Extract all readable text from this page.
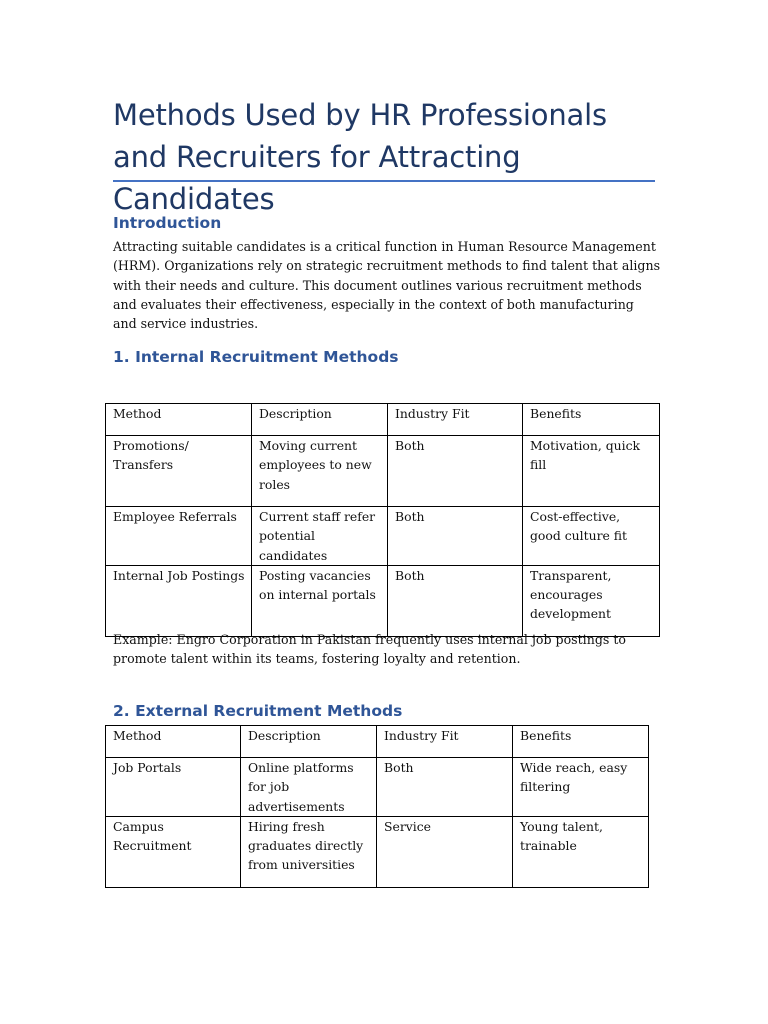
Methods Used by HR Professionals and Recruiters for Attracting Candidates
Introduction

Attracting suitable candidates is a critical function in Human Resource Management (HRM). Organizations rely on strategic recruitment methods to find talent that aligns with their needs and culture. This document outlines various recruitment methods and evaluates their effectiveness, especially in the context of both manufacturing and service industries.

1. Internal Recruitment Methods
Method	Description	Industry Fit	Benefits
Promotions/ Transfers	Moving current employees to new roles	Both	Motivation, quick fill
Employee Referrals	Current staff refer potential candidates	Both	Cost-effective, good culture fit
Internal Job Postings	Posting vacancies on internal portals	Both	Transparent, encourages development

Example: Engro Corporation in Pakistan frequently uses internal job postings to promote talent within its teams, fostering loyalty and retention.

2. External Recruitment Methods
Method	Description	Industry Fit	Benefits
Job Portals	Online platforms for job advertisements	Both	Wide reach, easy filtering
Campus Recruitment	Hiring fresh graduates directly from universities	Service	Young talent, trainable
